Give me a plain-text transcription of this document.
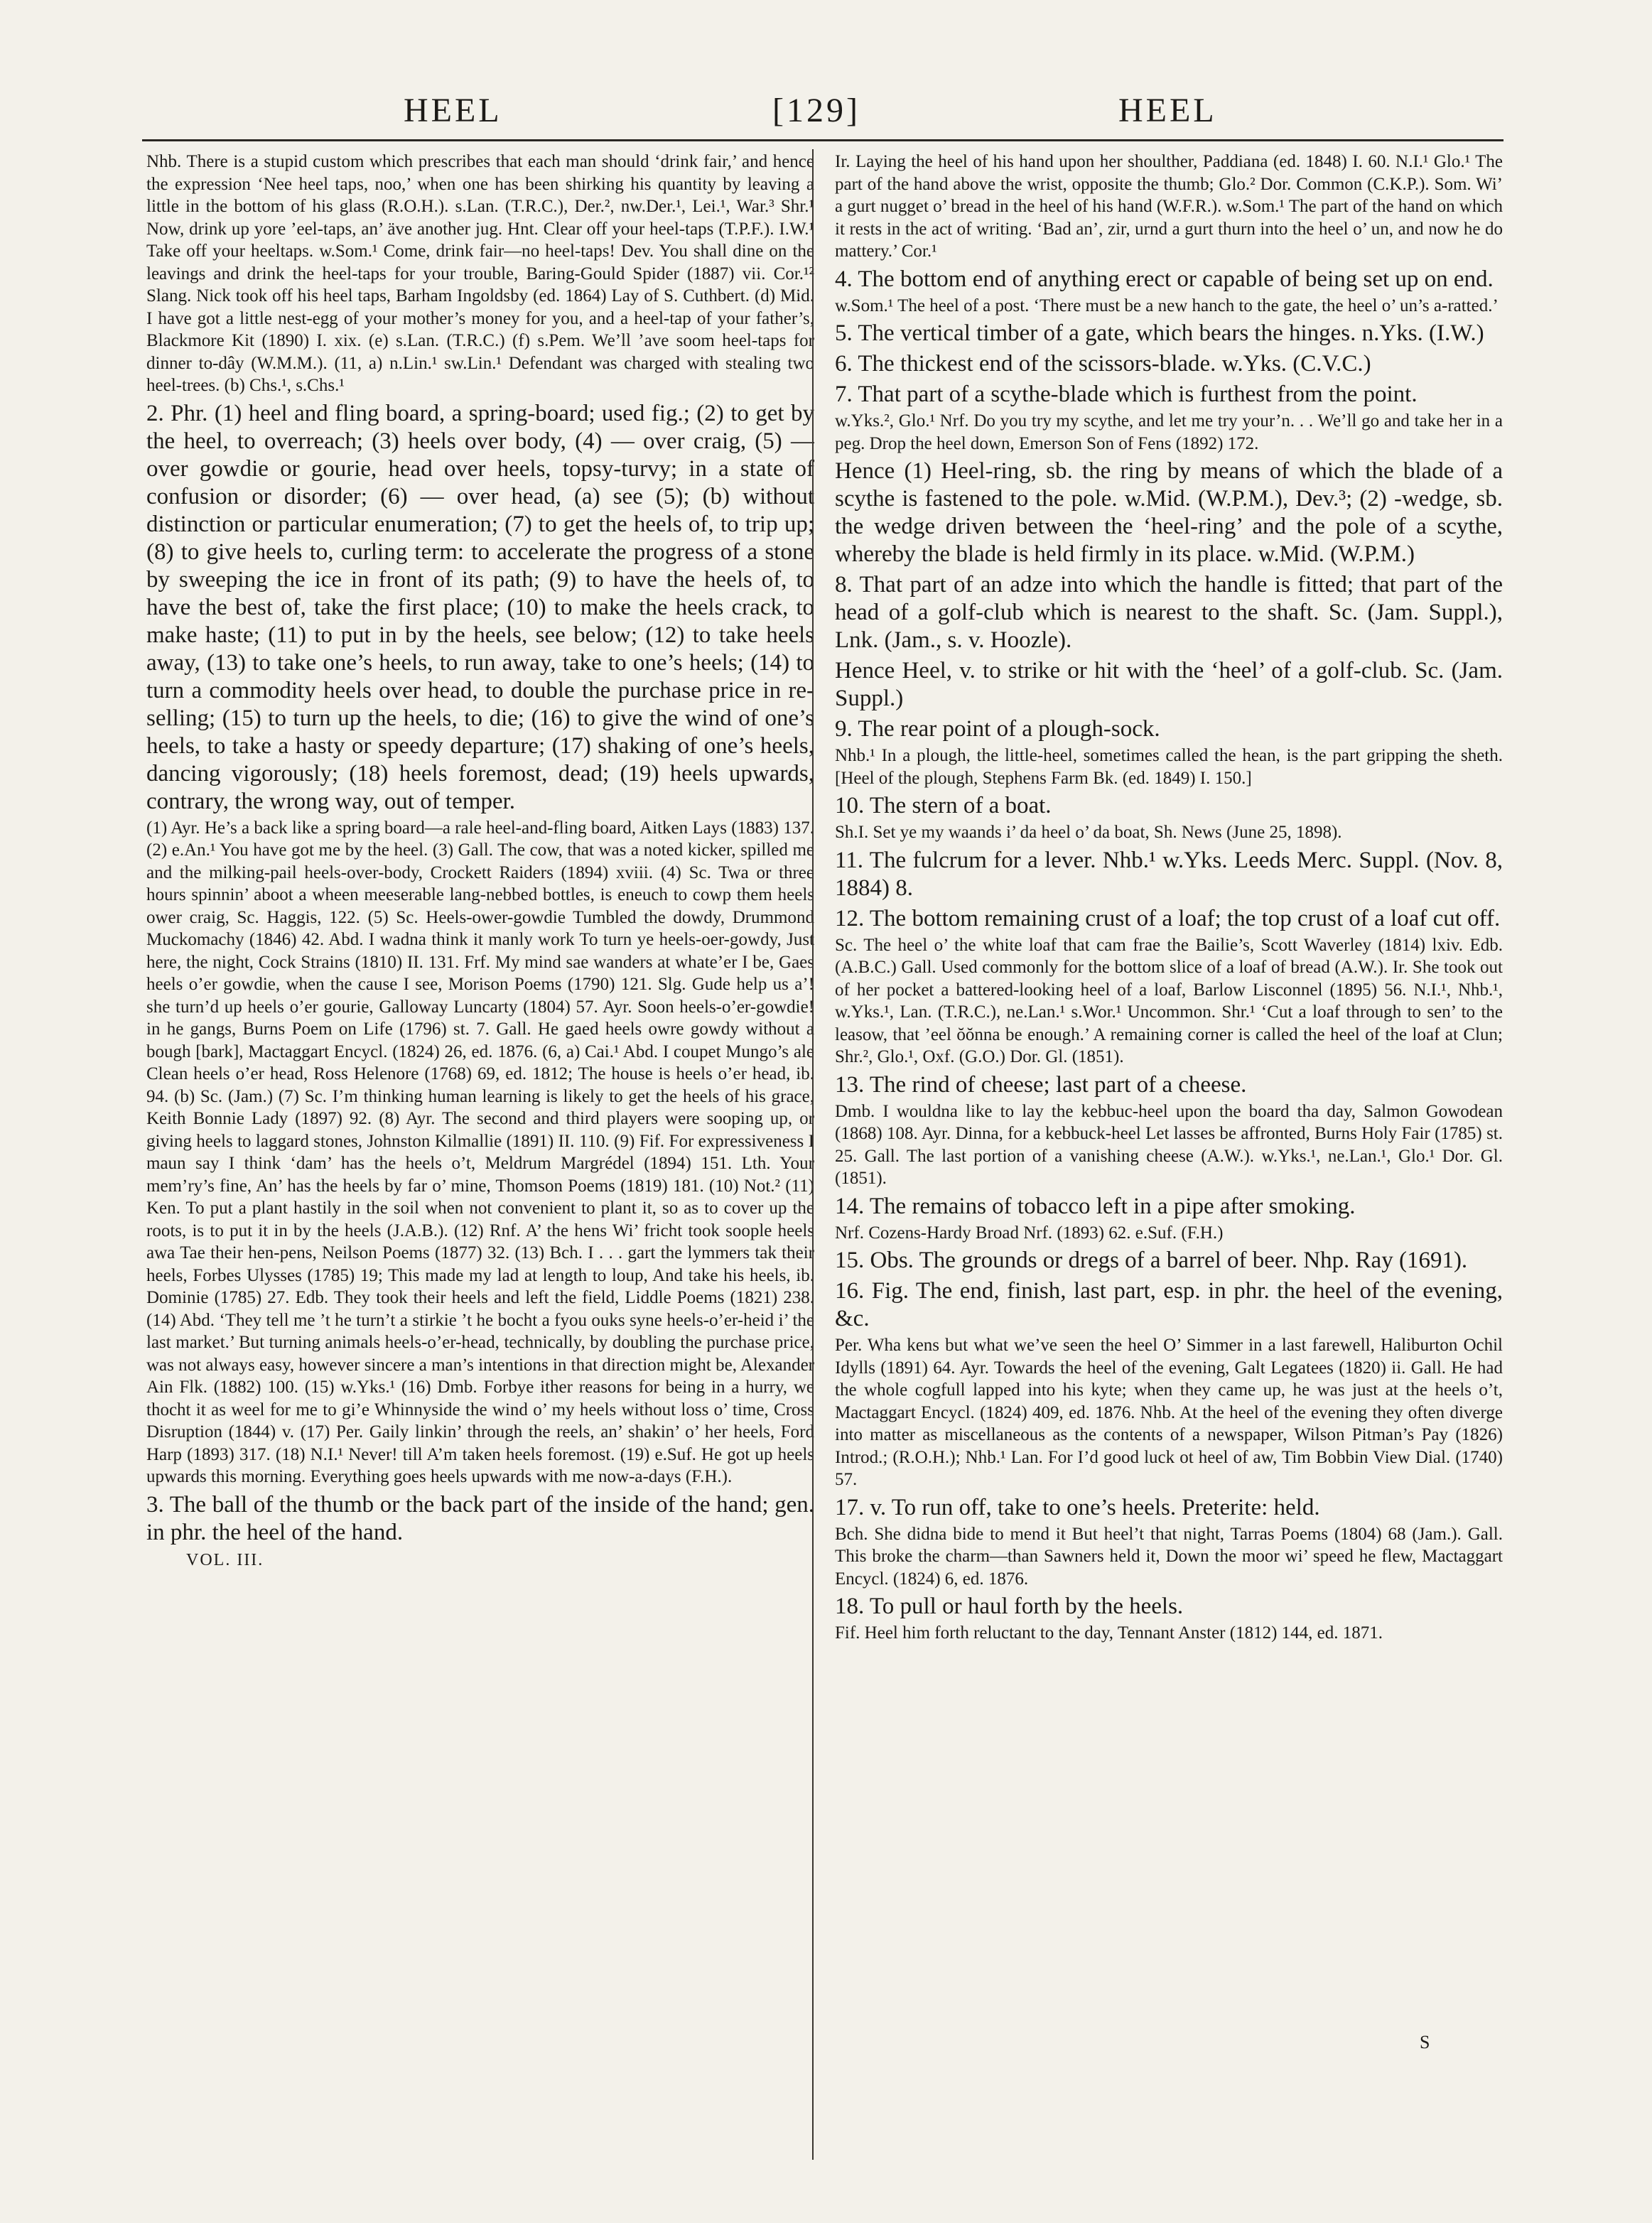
HEEL	[129]	HEEL

Nhb. There is a stupid custom which prescribes that each man should ‘drink fair,’ and hence the expression ‘Nee heel taps, noo,’ when one has been shirking his quantity by leaving a little in the bottom of his glass (R.O.H.). s.Lan. (T.R.C.), Der.², nw.Der.¹, Lei.¹, War.³ Shr.¹ Now, drink up yore ’eel-taps, an’ äve another jug. Hnt. Clear off your heel-taps (T.P.F.). I.W.¹ Take off your heeltaps. w.Som.¹ Come, drink fair—no heel-taps! Dev. You shall dine on the leavings and drink the heel-taps for your trouble, Baring-Gould Spider (1887) vii. Cor.¹² Slang. Nick took off his heel taps, Barham Ingoldsby (ed. 1864) Lay of S. Cuthbert. (d) Mid. I have got a little nest-egg of your mother’s money for you, and a heel-tap of your father’s, Blackmore Kit (1890) I. xix. (e) s.Lan. (T.R.C.) (f) s.Pem. We’ll ’ave soom heel-taps for dinner to-dây (W.M.M.). (11, a) n.Lin.¹ sw.Lin.¹ Defendant was charged with stealing two heel-trees. (b) Chs.¹, s.Chs.¹

2. Phr. (1) heel and fling board, a spring-board; used fig.; (2) to get by the heel, to overreach; (3) heels over body, (4) — over craig, (5) — over gowdie or gourie, head over heels, topsy-turvy; in a state of confusion or disorder; (6) — over head, (a) see (5); (b) without distinction or particular enumeration; (7) to get the heels of, to trip up; (8) to give heels to, curling term: to accelerate the progress of a stone by sweeping the ice in front of its path; (9) to have the heels of, to have the best of, take the first place; (10) to make the heels crack, to make haste; (11) to put in by the heels, see below; (12) to take heels away, (13) to take one’s heels, to run away, take to one’s heels; (14) to turn a commodity heels over head, to double the purchase price in re-selling; (15) to turn up the heels, to die; (16) to give the wind of one’s heels, to take a hasty or speedy departure; (17) shaking of one’s heels, dancing vigorously; (18) heels foremost, dead; (19) heels upwards, contrary, the wrong way, out of temper.

(1) Ayr. He’s a back like a spring board—a rale heel-and-fling board, Aitken Lays (1883) 137. (2) e.An.¹ You have got me by the heel. (3) Gall. The cow, that was a noted kicker, spilled me and the milking-pail heels-over-body, Crockett Raiders (1894) xviii. (4) Sc. Twa or three hours spinnin’ aboot a wheen meeserable lang-nebbed bottles, is eneuch to cowp them heels ower craig, Sc. Haggis, 122. (5) Sc. Heels-ower-gowdie Tumbled the dowdy, Drummond Muckomachy (1846) 42. Abd. I wadna think it manly work To turn ye heels-oer-gowdy, Just here, the night, Cock Strains (1810) II. 131. Frf. My mind sae wanders at whate’er I be, Gaes heels o’er gowdie, when the cause I see, Morison Poems (1790) 121. Slg. Gude help us a’! she turn’d up heels o’er gourie, Galloway Luncarty (1804) 57. Ayr. Soon heels-o’er-gowdie! in he gangs, Burns Poem on Life (1796) st. 7. Gall. He gaed heels owre gowdy without a bough [bark], Mactaggart Encycl. (1824) 26, ed. 1876. (6, a) Cai.¹ Abd. I coupet Mungo’s ale Clean heels o’er head, Ross Helenore (1768) 69, ed. 1812; The house is heels o’er head, ib. 94. (b) Sc. (Jam.) (7) Sc. I’m thinking human learning is likely to get the heels of his grace, Keith Bonnie Lady (1897) 92. (8) Ayr. The second and third players were sooping up, or giving heels to laggard stones, Johnston Kilmallie (1891) II. 110. (9) Fif. For expressiveness I maun say I think ‘dam’ has the heels o’t, Meldrum Margrédel (1894) 151. Lth. Your mem’ry’s fine, An’ has the heels by far o’ mine, Thomson Poems (1819) 181. (10) Not.² (11) Ken. To put a plant hastily in the soil when not convenient to plant it, so as to cover up the roots, is to put it in by the heels (J.A.B.). (12) Rnf. A’ the hens Wi’ fricht took soople heels awa Tae their hen-pens, Neilson Poems (1877) 32. (13) Bch. I . . . gart the lymmers tak their heels, Forbes Ulysses (1785) 19; This made my lad at length to loup, And take his heels, ib. Dominie (1785) 27. Edb. They took their heels and left the field, Liddle Poems (1821) 238. (14) Abd. ‘They tell me ’t he turn’t a stirkie ’t he bocht a fyou ouks syne heels-o’er-heid i’ the last market.’ But turning animals heels-o’er-head, technically, by doubling the purchase price, was not always easy, however sincere a man’s intentions in that direction might be, Alexander Ain Flk. (1882) 100. (15) w.Yks.¹ (16) Dmb. Forbye ither reasons for being in a hurry, we thocht it as weel for me to gi’e Whinnyside the wind o’ my heels without loss o’ time, Cross Disruption (1844) v. (17) Per. Gaily linkin’ through the reels, an’ shakin’ o’ her heels, Ford Harp (1893) 317. (18) N.I.¹ Never! till A’m taken heels foremost. (19) e.Suf. He got up heels upwards this morning. Everything goes heels upwards with me now-a-days (F.H.).

3. The ball of the thumb or the back part of the inside of the hand; gen. in phr. the heel of the hand.

VOL. III.

Ir. Laying the heel of his hand upon her shoulther, Paddiana (ed. 1848) I. 60. N.I.¹ Glo.¹ The part of the hand above the wrist, opposite the thumb; Glo.² Dor. Common (C.K.P.). Som. Wi’ a gurt nugget o’ bread in the heel of his hand (W.F.R.). w.Som.¹ The part of the hand on which it rests in the act of writing. ‘Bad an’, zir, urnd a gurt thurn into the heel o’ un, and now he do mattery.’ Cor.¹

4. The bottom end of anything erect or capable of being set up on end.

w.Som.¹ The heel of a post. ‘There must be a new hanch to the gate, the heel o’ un’s a-ratted.’

5. The vertical timber of a gate, which bears the hinges. n.Yks. (I.W.)

6. The thickest end of the scissors-blade. w.Yks. (C.V.C.)

7. That part of a scythe-blade which is furthest from the point.

w.Yks.², Glo.¹ Nrf. Do you try my scythe, and let me try your’n. . . We’ll go and take her in a peg. Drop the heel down, Emerson Son of Fens (1892) 172.

Hence (1) Heel-ring, sb. the ring by means of which the blade of a scythe is fastened to the pole. w.Mid. (W.P.M.), Dev.³; (2) -wedge, sb. the wedge driven between the ‘heel-ring’ and the pole of a scythe, whereby the blade is held firmly in its place. w.Mid. (W.P.M.)

8. That part of an adze into which the handle is fitted; that part of the head of a golf-club which is nearest to the shaft. Sc. (Jam. Suppl.), Lnk. (Jam., s. v. Hoozle).

Hence Heel, v. to strike or hit with the ‘heel’ of a golf-club. Sc. (Jam. Suppl.)

9. The rear point of a plough-sock.

Nhb.¹ In a plough, the little-heel, sometimes called the hean, is the part gripping the sheth. [Heel of the plough, Stephens Farm Bk. (ed. 1849) I. 150.]

10. The stern of a boat.

Sh.I. Set ye my waands i’ da heel o’ da boat, Sh. News (June 25, 1898).

11. The fulcrum for a lever. Nhb.¹ w.Yks. Leeds Merc. Suppl. (Nov. 8, 1884) 8.

12. The bottom remaining crust of a loaf; the top crust of a loaf cut off.

Sc. The heel o’ the white loaf that cam frae the Bailie’s, Scott Waverley (1814) lxiv. Edb. (A.B.C.) Gall. Used commonly for the bottom slice of a loaf of bread (A.W.). Ir. She took out of her pocket a battered-looking heel of a loaf, Barlow Lisconnel (1895) 56. N.I.¹, Nhb.¹, w.Yks.¹, Lan. (T.R.C.), ne.Lan.¹ s.Wor.¹ Uncommon. Shr.¹ ‘Cut a loaf through to sen’ to the leasow, that ’eel ŏŏnna be enough.’ A remaining corner is called the heel of the loaf at Clun; Shr.², Glo.¹, Oxf. (G.O.) Dor. Gl. (1851).

13. The rind of cheese; last part of a cheese.

Dmb. I wouldna like to lay the kebbuc-heel upon the board tha day, Salmon Gowodean (1868) 108. Ayr. Dinna, for a kebbuck-heel Let lasses be affronted, Burns Holy Fair (1785) st. 25. Gall. The last portion of a vanishing cheese (A.W.). w.Yks.¹, ne.Lan.¹, Glo.¹ Dor. Gl. (1851).

14. The remains of tobacco left in a pipe after smoking.

Nrf. Cozens-Hardy Broad Nrf. (1893) 62. e.Suf. (F.H.)

15. Obs. The grounds or dregs of a barrel of beer. Nhp. Ray (1691).

16. Fig. The end, finish, last part, esp. in phr. the heel of the evening, &c.

Per. Wha kens but what we’ve seen the heel O’ Simmer in a last farewell, Haliburton Ochil Idylls (1891) 64. Ayr. Towards the heel of the evening, Galt Legatees (1820) ii. Gall. He had the whole cogfull lapped into his kyte; when they came up, he was just at the heels o’t, Mactaggart Encycl. (1824) 409, ed. 1876. Nhb. At the heel of the evening they often diverge into matter as miscellaneous as the contents of a newspaper, Wilson Pitman’s Pay (1826) Introd.; (R.O.H.); Nhb.¹ Lan. For I’d good luck ot heel of aw, Tim Bobbin View Dial. (1740) 57.

17. v. To run off, take to one’s heels. Preterite: held.

Bch. She didna bide to mend it But heel’t that night, Tarras Poems (1804) 68 (Jam.). Gall. This broke the charm—than Sawners held it, Down the moor wi’ speed he flew, Mactaggart Encycl. (1824) 6, ed. 1876.

18. To pull or haul forth by the heels.

Fif. Heel him forth reluctant to the day, Tennant Anster (1812) 144, ed. 1871.

S
